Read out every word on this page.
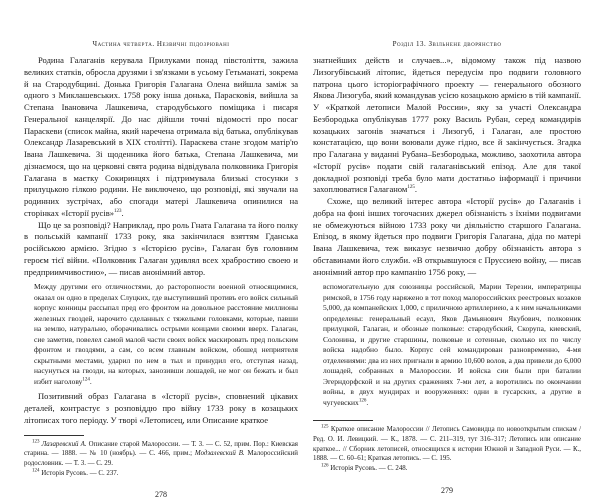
Частина четверта. Незвичні підозрювані

Родина Галаганів керувала Прилуками понад півстоліття, зажила великих статків, обросла друзями і зв'язками в усьому Гетьманаті, зокрема й на Стародубщині. Донька Григорія Галагана Олена вийшла заміж за одного з Миклашевських. 1758 року інша донька, Парасковія, вийшла за Степана Івановича Лашкевича, стародубського поміщика і писаря Генеральної канцелярії. До нас дійшли точні відомості про посаг Параскеви (список майна, який наречена отримала від батька, опублікував Олександр Лазаревський в XIX столітті). Параскева стане згодом матір'ю Івана Лашкевича. Зі щоденника його батька, Степана Лашкевича, ми дізнаємося, що на церковні свята родина відвідувала полковника Григорія Галагана в маєтку Сокиринцях і підтримувала близькі стосунки з прилуцькою гілкою родини. Не виключено, що розповіді, які звучали на родинних зустрічах, або спогади матері Лашкевича опинилися на сторінках «Історії русів»$^{123}$.

Що це за розповіді? Наприклад, про роль Гната Галагана та його полку в польській кампанії 1733 року, яка закінчилася взяттям Гданська російською армією. Згідно з «Історією русів», Галаган був головним героєм тієї війни. «Полковник Галаган удивлял всех храбростию своею и предприимчивостию», — писав анонімний автор.

Между другими его отличностями, до расторопности военной относящимися, оказал он одно в пределах Слуцких, где выступивший противъ его войск сильный корпус конницы рассыпал пред его фронтом на довольное расстояние миллионы железных гвоздей, нарочито сделанных с тяжелыми головками, которые, павши на землю, натурально, оборачивались острыми концами своими вверх. Галаган, сие заметив, повелел самой малой части своих войск маскировать пред польским фронтом и гвоздями, а сам, со всем главным войском, обошед неприятеля скрытными местами, ударил по нем в тыл и принудил его, отступая назад, насунуться на гвозди, на которых, занозивши лошадей, не мог он бежать и был избит наголову$^{124}$.

Позитивний образ Галагана в «Історії русів», сповнений цікавих деталей, контрастує з розповіддю про війну 1733 року в козацьких літописах того періоду. У творі «Летописец, или Описание краткое

$^{123}$ Лазаревский А. Описание старой Малороссии. — Т. 3. — С. 52, прим. Пор.: Киевская старина. — 1888. — № 10 (ноябрь). — С. 466, прим.; Модзалевский В. Малороссийский родословник. — Т. 3. — С. 29.
$^{124}$ Исторія Русовъ. — С. 237.
278
Розділ 13. Звільнене дворянство

знатнейших действ и случаев...», відомому також під назвою Лизогубівський літопис, йдеться передусім про подвиги головного патрона цього історіографічного проекту — генерального обозного Якова Лизогуба, який командував усією козацькою армією в тій кампанії. У «Краткой летописи Малой России», яку за участі Олександра Безбородька опублікував 1777 року Василь Рубан, серед командирів козацьких загонів значаться і Лизогуб, і Галаган, але простою констатацією, що вони воювали дуже гідно, все й закінчується. Згадка про Галагана у виданні Рубана–Безбородька, можливо, заохотила автора «Історії русів» подати свій галаганівський епізод. Але для такої докладної розповіді треба було мати достатньо інформації і причини захоплюватися Галаганом$^{125}$.

Схоже, що великий інтерес автора «Історії русів» до Галаганів і добра на фоні інших тогочасних джерел обізнаність з їхніми подвигами не обмежуються війною 1733 року чи діяльністю старшого Галагана. Епізод, в якому йдеться про подвиги Григорія Галагана, діда по матері Івана Лашкевича, теж виказує незвично добру обізнаність автора з обставинами його служби. «В открывшуюся с Пруссиею войну, — писав анонімний автор про кампанію 1756 року, —

вспомогательную для союзницы российской, Марии Терезии, императрицы римской, в 1756 году наряжено в тот поход малороссийских реестровых козаков 5,000, да компанейских 1,000, с приличною артиллериею, а к ним начальниками определены: генеральный есаул, Яков Дамьянович Якубович, полковник прилуцкой, Галаган, и обозные полковые: стародубский, Скорупа, киевский, Солонина, и другие старшины, полковые и сотенные, сколько их по числу войска надобно было. Корпус сей командирован разновременно, 4-мя отделениями: два из них пригнали в армию 10,600 волов, а два привели до 6,000 лошадей, собранных в Малороссии. И войска сии были при баталии Эгерндорфской и на других сражениях 7-ми лет, а воротились по окончании войны, в двух мундирах и вооружениях: одни в гусарских, а другие в чугуевских$^{126}$.
$^{125}$ Краткое описание Малороссии // Летопись Самовидца по новооткрытым спискам / Ред. О. И. Левицкий. — К., 1878. — С. 211–319, тут 316–317; Летопись или описание краткое... // Сборник летописей, относящихся к истории Южной и Западной Руси. — К., 1888. — С. 60–61; Краткая летопись. — С. 195.
$^{126}$ Исторія Русовъ. — С. 248.
279
